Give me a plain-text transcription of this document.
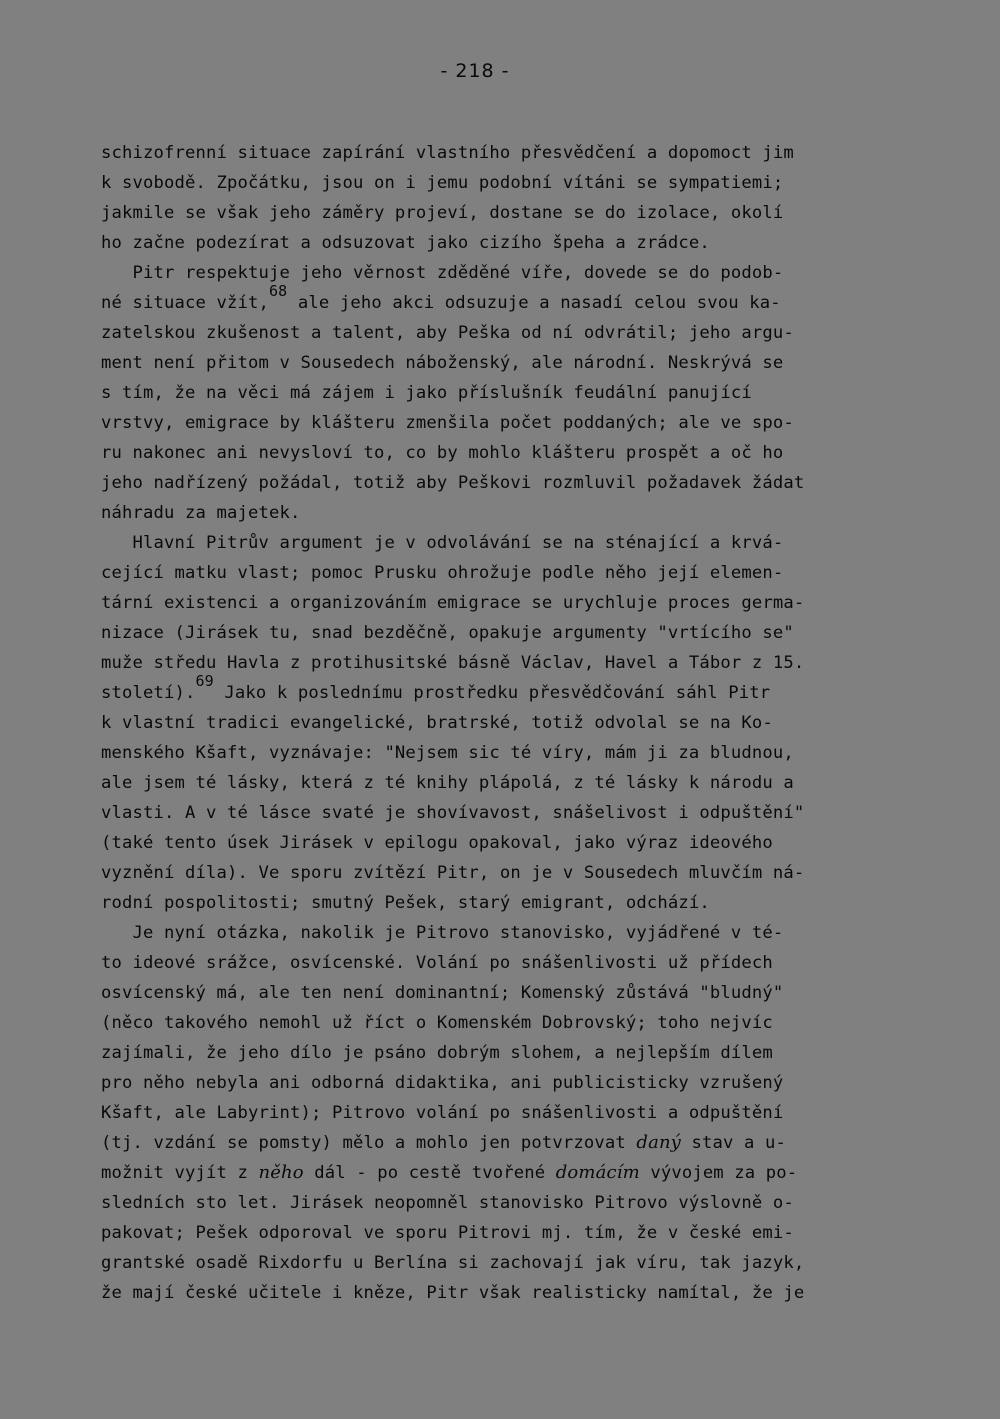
- 218 -
schizofrenní situace zapírání vlastního přesvědčení a dopomoct jim
k svobodě. Zpočátku, jsou on i jemu podobní vítáni se sympatiemi;
jakmile se však jeho záměry projeví, dostane se do izolace, okolí
ho začne podezírat a odsuzovat jako cizího špeha a zrádce.
Pitr respektuje jeho věrnost zděděné víře, dovede se do podob-
né situace vžít,$^{68}$ ale jeho akci odsuzuje a nasadí celou svou ka-
zatelskou zkušenost a talent, aby Peška od ní odvrátil; jeho argu-
ment není přitom v Sousedech náboženský, ale národní. Neskrývá se
s tím, že na věci má zájem i jako příslušník feudální panující
vrstvy, emigrace by klášteru zmenšila počet poddaných; ale ve spo-
ru nakonec ani nevysloví to, co by mohlo klášteru prospět a oč ho
jeho nadřízený požádal, totiž aby Peškovi rozmluvil požadavek žádat
náhradu za majetek.
Hlavní Pitrův argument je v odvolávání se na sténající a krvá-
cející matku vlast; pomoc Prusku ohrožuje podle něho její elemen-
tární existenci a organizováním emigrace se urychluje proces germa-
nizace (Jirásek tu, snad bezděčně, opakuje argumenty "vrtícího se"
muže středu Havla z protihusitské básně Václav, Havel a Tábor z 15.
století).$^{69}$ Jako k poslednímu prostředku přesvědčování sáhl Pitr
k vlastní tradici evangelické, bratrské, totiž odvolal se na Ko-
menského Kšaft, vyznávaje: "Nejsem sic té víry, mám ji za bludnou,
ale jsem té lásky, která z té knihy plápolá, z té lásky k národu a
vlasti. A v té lásce svaté je shovívavost, snášelivost i odpuštění"
(také tento úsek Jirásek v epilogu opakoval, jako výraz ideového
vyznění díla). Ve sporu zvítězí Pitr, on je v Sousedech mluvčím ná-
rodní pospolitosti; smutný Pešek, starý emigrant, odchází.
Je nyní otázka, nakolik je Pitrovo stanovisko, vyjádřené v té-
to ideové srážce, osvícenské. Volání po snášenlivosti už přídech
osvícenský má, ale ten není dominantní; Komenský zůstává "bludný"
(něco takového nemohl už říct o Komenském Dobrovský; toho nejvíc
zajímali, že jeho dílo je psáno dobrým slohem, a nejlepším dílem
pro něho nebyla ani odborná didaktika, ani publicisticky vzrušený
Kšaft, ale Labyrint); Pitrovo volání po snášenlivosti a odpuštění
(tj. vzdání se pomsty) mělo a mohlo jen potvrzovat daný stav a u-
možnit vyjít z něho dál - po cestě tvořené domácím vývojem za po-
sledních sto let. Jirásek neopomněl stanovisko Pitrovo výslovně o-
pakovat; Pešek odporoval ve sporu Pitrovi mj. tím, že v české emi-
grantské osadě Rixdorfu u Berlína si zachovají jak víru, tak jazyk,
že mají české učitele i kněze, Pitr však realisticky namítal, že je
